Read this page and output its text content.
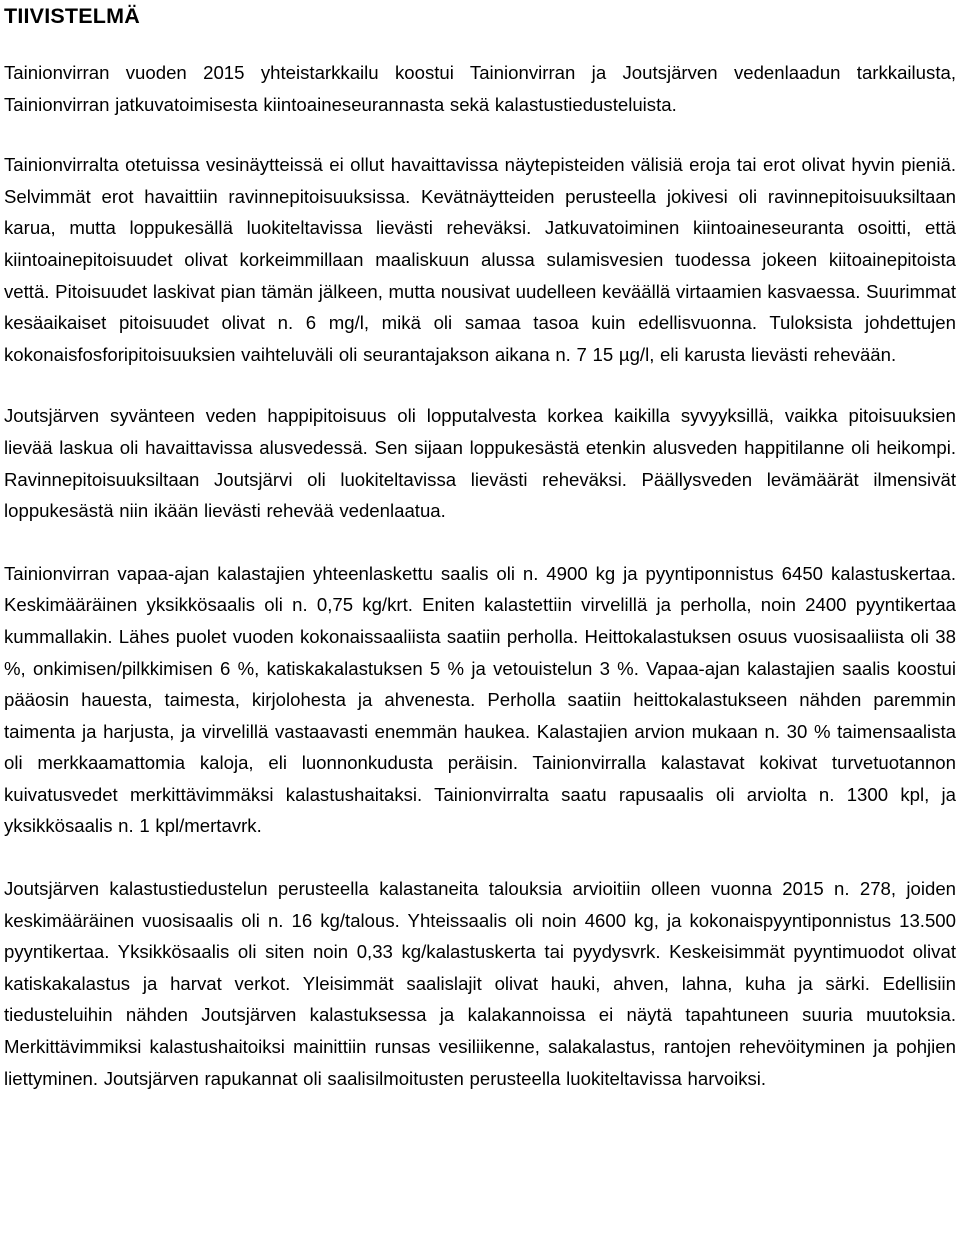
TIIVISTELMÄ

Tainionvirran vuoden 2015 yhteistarkkailu koostui Tainionvirran ja Joutsjärven vedenlaadun tarkkailusta, Tainionvirran jatkuvatoimisesta kiintoaineseurannasta sekä kalastustiedusteluista.

Tainionvirralta otetuissa vesinäytteissä ei ollut havaittavissa näytepisteiden välisiä eroja tai erot olivat hyvin pieniä. Selvimmät erot havaittiin ravinnepitoisuuksissa. Kevätnäytteiden perusteella jokivesi oli ravinnepitoisuuksiltaan karua, mutta loppukesällä luokiteltavissa lievästi reheväksi. Jatkuvatoiminen kiintoaineseuranta osoitti, että kiintoainepitoisuudet olivat korkeimmillaan maaliskuun alussa sulamisvesien tuodessa jokeen kiitoainepitoista vettä. Pitoisuudet laskivat pian tämän jälkeen, mutta nousivat uudelleen keväällä virtaamien kasvaessa. Suurimmat kesäaikaiset pitoisuudet olivat n. 6 mg/l, mikä oli samaa tasoa kuin edellisvuonna. Tuloksista johdettujen kokonaisfosforipitoisuuksien vaihteluväli oli seurantajakson aikana n. 7 15 µg/l, eli karusta lievästi rehevään.

Joutsjärven syvänteen veden happipitoisuus oli lopputalvesta korkea kaikilla syvyyksillä, vaikka pitoisuuksien lievää laskua oli havaittavissa alusvedessä. Sen sijaan loppukesästä etenkin alusveden happitilanne oli heikompi. Ravinnepitoisuuksiltaan Joutsjärvi oli luokiteltavissa lievästi reheväksi. Päällysveden levämäärät ilmensivät loppukesästä niin ikään lievästi rehevää vedenlaatua.

Tainionvirran vapaa-ajan kalastajien yhteenlaskettu saalis oli n. 4900 kg ja pyyntiponnistus 6450 kalastuskertaa. Keskimääräinen yksikkösaalis oli n. 0,75 kg/krt. Eniten kalastettiin virvelillä ja perholla, noin 2400 pyyntikertaa kummallakin. Lähes puolet vuoden kokonaissaaliista saatiin perholla. Heittokalastuksen osuus vuosisaaliista oli 38 %, onkimisen/pilkkimisen 6 %, katiskakalastuksen 5 % ja vetouistelun 3 %. Vapaa-ajan kalastajien saalis koostui pääosin hauesta, taimesta, kirjolohesta ja ahvenesta. Perholla saatiin heittokalastukseen nähden paremmin taimenta ja harjusta, ja virvelillä vastaavasti enemmän haukea. Kalastajien arvion mukaan n. 30 % taimensaalista oli merkkaamattomia kaloja, eli luonnonkudusta peräisin. Tainionvirralla kalastavat kokivat turvetuotannon kuivatusvedet merkittävimmäksi kalastushaitaksi. Tainionvirralta saatu rapusaalis oli arviolta n. 1300 kpl, ja yksikkösaalis n. 1 kpl/mertavrk.

Joutsjärven kalastustiedustelun perusteella kalastaneita talouksia arvioitiin olleen vuonna 2015 n. 278, joiden keskimääräinen vuosisaalis oli n. 16 kg/talous. Yhteissaalis oli noin 4600 kg, ja kokonaispyyntiponnistus 13.500 pyyntikertaa. Yksikkösaalis oli siten noin 0,33 kg/kalastuskerta tai pyydysvrk. Keskeisimmät pyyntimuodot olivat katiskakalastus ja harvat verkot. Yleisimmät saalislajit olivat hauki, ahven, lahna, kuha ja särki. Edellisiin tiedusteluihin nähden Joutsjärven kalastuksessa ja kalakannoissa ei näytä tapahtuneen suuria muutoksia. Merkittävimmiksi kalastushaitoiksi mainittiin runsas vesiliikenne, salakalastus, rantojen rehevöityminen ja pohjien liettyminen. Joutsjärven rapukannat oli saalisilmoitusten perusteella luokiteltavissa harvoiksi.
